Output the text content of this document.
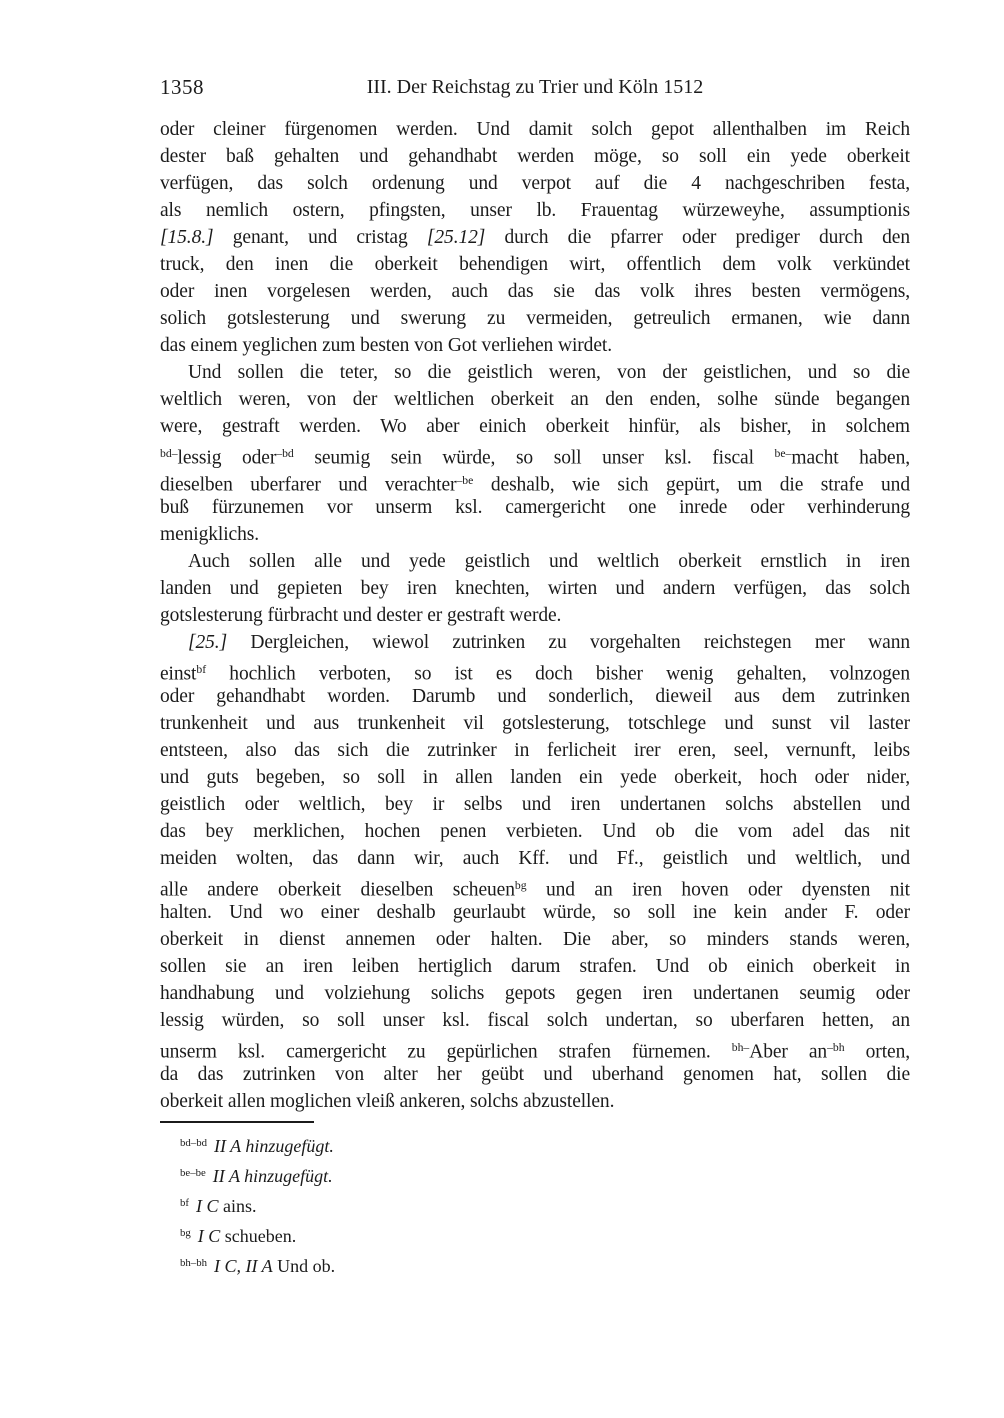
1358	III. Der Reichstag zu Trier und Köln 1512
oder cleiner fürgenomen werden. Und damit solch gepot allenthalben im Reich
dester baß gehalten und gehandhabt werden möge, so soll ein yede oberkeit
verfügen, das solch ordenung und verpot auf die 4 nachgeschriben festa,
als nemlich ostern, pfingsten, unser lb. Frauentag würzeweyhe, assumptionis
[15.8.] genant, und cristag [25.12] durch die pfarrer oder prediger durch den
truck, den inen die oberkeit behendigen wirt, offentlich dem volk verkündet
oder inen vorgelesen werden, auch das sie das volk ihres besten vermögens,
solich gotslesterung und swerung zu vermeiden, getreulich ermanen, wie dann
das einem yeglichen zum besten von Got verliehen wirdet.
Und sollen die teter, so die geistlich weren, von der geistlichen, und so die
weltlich weren, von der weltlichen oberkeit an den enden, solhe sünde begangen
were, gestraft werden. Wo aber einich oberkeit hinfür, als bisher, in solchem
$^{bd-}$lessig oder$^{-bd}$ seumig sein würde, so soll unser ksl. fiscal $^{be-}$macht haben,
dieselben uberfarer und verachter$^{-be}$ deshalb, wie sich gepürt, um die strafe und
buß fürzunemen vor unserm ksl. camergericht one inrede oder verhinderung
menigklichs.
Auch sollen alle und yede geistlich und weltlich oberkeit ernstlich in iren
landen und gepieten bey iren knechten, wirten und andern verfügen, das solch
gotslesterung fürbracht und dester er gestraft werde.
[25.] Dergleichen, wiewol zutrinken zu vorgehalten reichstegen mer wann
einst$^{bf}$ hochlich verboten, so ist es doch bisher wenig gehalten, volnzogen
oder gehandhabt worden. Darumb und sonderlich, dieweil aus dem zutrinken
trunkenheit und aus trunkenheit vil gotslesterung, totschlege und sunst vil laster
entsteen, also das sich die zutrinker in ferlicheit irer eren, seel, vernunft, leibs
und guts begeben, so soll in allen landen ein yede oberkeit, hoch oder nider,
geistlich oder weltlich, bey ir selbs und iren undertanen solchs abstellen und
das bey merklichen, hochen penen verbieten. Und ob die vom adel das nit
meiden wolten, das dann wir, auch Kff. und Ff., geistlich und weltlich, und
alle andere oberkeit dieselben scheuen$^{bg}$ und an iren hoven oder dyensten nit
halten. Und wo einer deshalb geurlaubt würde, so soll ine kein ander F. oder
oberkeit in dienst annemen oder halten. Die aber, so minders stands weren,
sollen sie an iren leiben hertiglich darum strafen. Und ob einich oberkeit in
handhabung und volziehung solichs gepots gegen iren undertanen seumig oder
lessig würden, so soll unser ksl. fiscal solch undertan, so uberfaren hetten, an
unserm ksl. camergericht zu gepürlichen strafen fürnemen. $^{bh-}$Aber $an^{-bh}$ orten,
da das zutrinken von alter her geübt und uberhand genomen hat, sollen die
oberkeit allen moglichen vleiß ankeren, solchs abzustellen.
$^{bd-bd}$ II A hinzugefügt.
$^{be-be}$ II A hinzugefügt.
$^{bf}$ I C ains.
$^{bg}$ I C schueben.
$^{bh-bh}$ I C, II A Und ob.
